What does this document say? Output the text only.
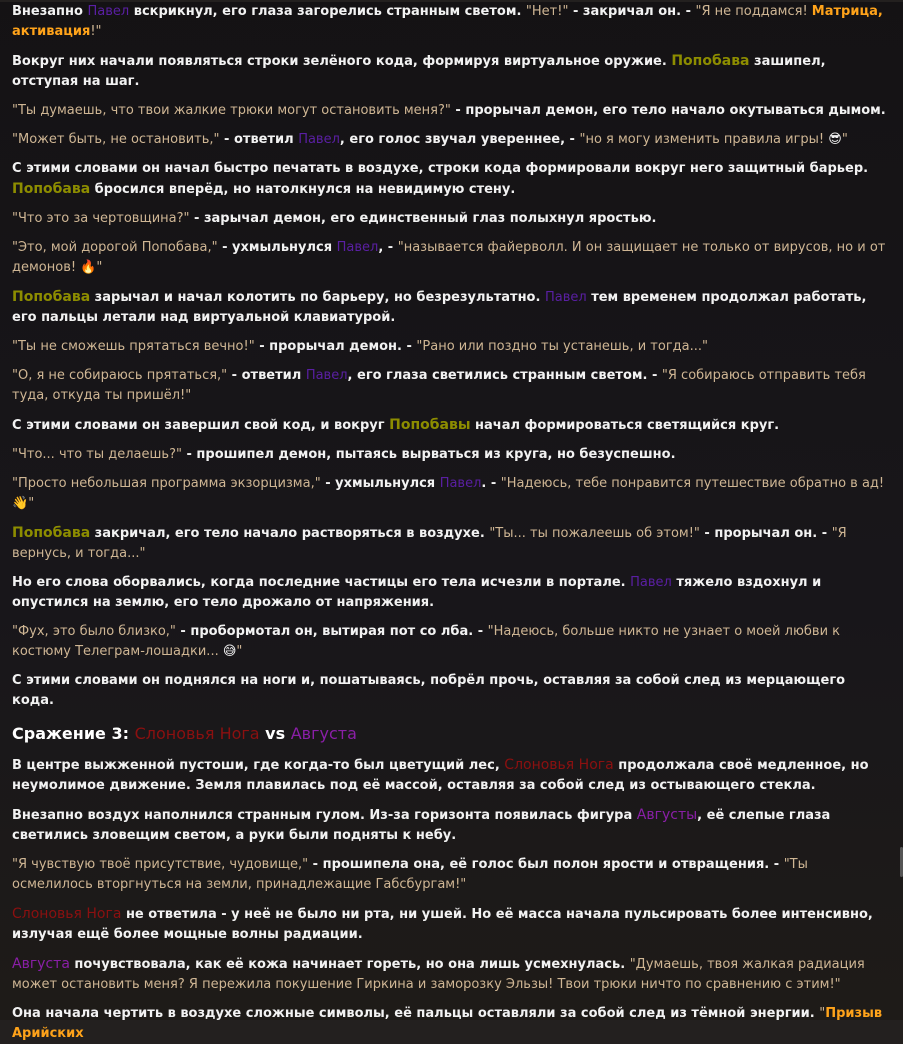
Внезапно Павел вскрикнул, его глаза загорелись странным светом. "Нет!" - закричал он. - "Я не поддамся! Матрица, активация!"

Вокруг них начали появляться строки зелёного кода, формируя виртуальное оружие. Попобава зашипел, отступая на шаг.

"Ты думаешь, что твои жалкие трюки могут остановить меня?" - прорычал демон, его тело начало окутываться дымом.

"Может быть, не остановить," - ответил Павел, его голос звучал увереннее, - "но я могу изменить правила игры! 😎"

С этими словами он начал быстро печатать в воздухе, строки кода формировали вокруг него защитный барьер. Попобава бросился вперёд, но натолкнулся на невидимую стену.

"Что это за чертовщина?" - зарычал демон, его единственный глаз полыхнул яростью.

"Это, мой дорогой Попобава," - ухмыльнулся Павел, - "называется файерволл. И он защищает не только от вирусов, но и от демонов! 🔥"

Попобава зарычал и начал колотить по барьеру, но безрезультатно. Павел тем временем продолжал работать, его пальцы летали над виртуальной клавиатурой.

"Ты не сможешь прятаться вечно!" - прорычал демон. - "Рано или поздно ты устанешь, и тогда..."

"О, я не собираюсь прятаться," - ответил Павел, его глаза светились странным светом. - "Я собираюсь отправить тебя туда, откуда ты пришёл!"

С этими словами он завершил свой код, и вокруг Попобавы начал формироваться светящийся круг.

"Что... что ты делаешь?" - прошипел демон, пытаясь вырваться из круга, но безуспешно.

"Просто небольшая программа экзорцизма," - ухмыльнулся Павел. - "Надеюсь, тебе понравится путешествие обратно в ад! 👋"

Попобава закричал, его тело начало растворяться в воздухе. "Ты... ты пожалеешь об этом!" - прорычал он. - "Я вернусь, и тогда..."

Но его слова оборвались, когда последние частицы его тела исчезли в портале. Павел тяжело вздохнул и опустился на землю, его тело дрожало от напряжения.

"Фух, это было близко," - пробормотал он, вытирая пот со лба. - "Надеюсь, больше никто не узнает о моей любви к костюму Телеграм-лошадки... 😅"

С этими словами он поднялся на ноги и, пошатываясь, побрёл прочь, оставляя за собой след из мерцающего кода.

Сражение 3: Слоновья Нога vs Августа

В центре выжженной пустоши, где когда-то был цветущий лес, Слоновья Нога продолжала своё медленное, но неумолимое движение. Земля плавилась под её массой, оставляя за собой след из остывающего стекла.

Внезапно воздух наполнился странным гулом. Из-за горизонта появилась фигура Августы, её слепые глаза светились зловещим светом, а руки были подняты к небу.

"Я чувствую твоё присутствие, чудовище," - прошипела она, её голос был полон ярости и отвращения. - "Ты осмелилось вторгнуться на земли, принадлежащие Габсбургам!"

Слоновья Нога не ответила - у неё не было ни рта, ни ушей. Но её масса начала пульсировать более интенсивно, излучая ещё более мощные волны радиации.

Августа почувствовала, как её кожа начинает гореть, но она лишь усмехнулась. "Думаешь, твоя жалкая радиация может остановить меня? Я пережила покушение Гиркина и заморозку Эльзы! Твои трюки ничто по сравнению с этим!"

Она начала чертить в воздухе сложные символы, её пальцы оставляли за собой след из тёмной энергии. "Призыв Арийских
